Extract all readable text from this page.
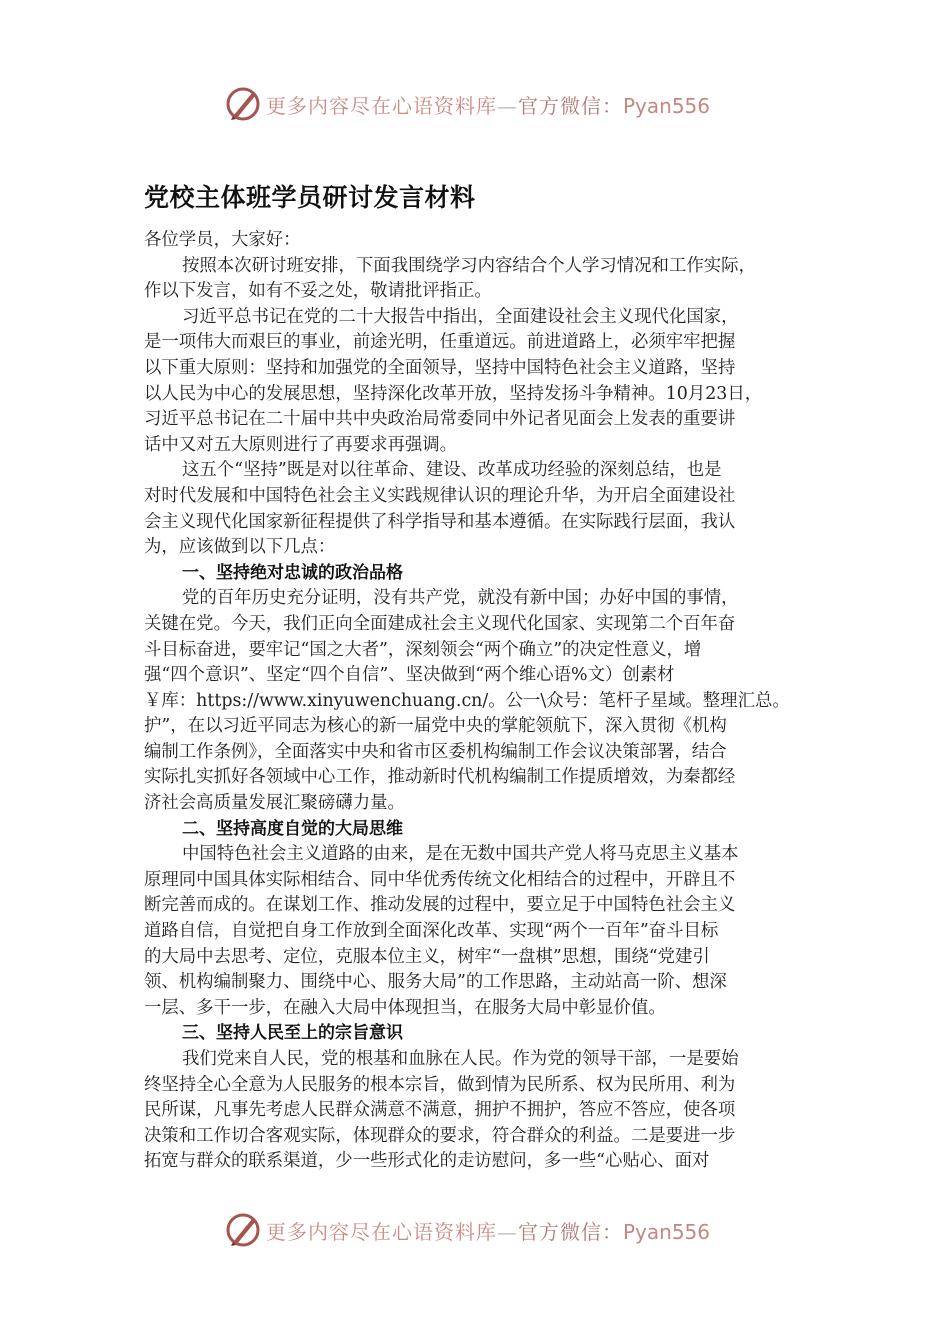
更多内容尽在心语资料库—官方微信：Pyan556
党校主体班学员研讨发言材料
各位学员，大家好：
按照本次研讨班安排，下面我围绕学习内容结合个人学习情况和工作实际，
作以下发言，如有不妥之处，敬请批评指正。
习近平总书记在党的二十大报告中指出，全面建设社会主义现代化国家，
是一项伟大而艰巨的事业，前途光明，任重道远。前进道路上，必须牢牢把握
以下重大原则：坚持和加强党的全面领导，坚持中国特色社会主义道路，坚持
以人民为中心的发展思想，坚持深化改革开放，坚持发扬斗争精神。10月23日，
习近平总书记在二十届中共中央政治局常委同中外记者见面会上发表的重要讲
话中又对五大原则进行了再要求再强调。
这五个“坚持”既是对以往革命、建设、改革成功经验的深刻总结，也是
对时代发展和中国特色社会主义实践规律认识的理论升华，为开启全面建设社
会主义现代化国家新征程提供了科学指导和基本遵循。在实际践行层面，我认
为，应该做到以下几点：
一、坚持绝对忠诚的政治品格
党的百年历史充分证明，没有共产党，就没有新中国；办好中国的事情，
关键在党。今天，我们正向全面建成社会主义现代化国家、实现第二个百年奋
斗目标奋进，要牢记“国之大者”，深刻领会“两个确立”的决定性意义，增
强“四个意识”、坚定“四个自信”、坚决做到“两个维心语%文）创素材
￥库：https://www.xinyuwenchuang.cn/。公一\众号：笔杆子星域。整理汇总。
护”，在以习近平同志为核心的新一届党中央的掌舵领航下，深入贯彻《机构
编制工作条例》，全面落实中央和省市区委机构编制工作会议决策部署，结合
实际扎实抓好各领域中心工作，推动新时代机构编制工作提质增效，为秦都经
济社会高质量发展汇聚磅礴力量。
二、坚持高度自觉的大局思维
中国特色社会主义道路的由来，是在无数中国共产党人将马克思主义基本
原理同中国具体实际相结合、同中华优秀传统文化相结合的过程中，开辟且不
断完善而成的。在谋划工作、推动发展的过程中，要立足于中国特色社会主义
道路自信，自觉把自身工作放到全面深化改革、实现“两个一百年”奋斗目标
的大局中去思考、定位，克服本位主义，树牢“一盘棋”思想，围绕“党建引
领、机构编制聚力、围绕中心、服务大局”的工作思路，主动站高一阶、想深
一层、多干一步，在融入大局中体现担当，在服务大局中彰显价值。
三、坚持人民至上的宗旨意识
我们党来自人民，党的根基和血脉在人民。作为党的领导干部，一是要始
终坚持全心全意为人民服务的根本宗旨，做到情为民所系、权为民所用、利为
民所谋，凡事先考虑人民群众满意不满意，拥护不拥护，答应不答应，使各项
决策和工作切合客观实际，体现群众的要求，符合群众的利益。二是要进一步
拓宽与群众的联系渠道，少一些形式化的走访慰问，多一些“心贴心、面对
更多内容尽在心语资料库—官方微信：Pyan556
